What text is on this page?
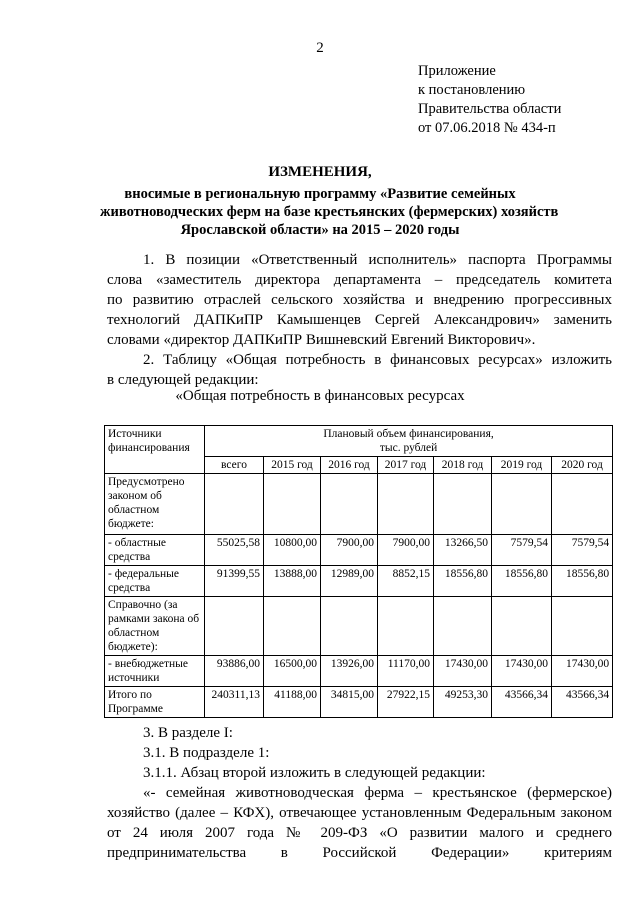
2
Приложение
к постановлению
Правительства области
от 07.06.2018 № 434-п
ИЗМЕНЕНИЯ,
вносимые в региональную программу «Развитие семейных
животноводческих ферм на базе крестьянских (фермерских) хозяйств
Ярославской области» на 2015 – 2020 годы
1. В позиции «Ответственный исполнитель» паспорта Программы
слова «заместитель директора департамента – председатель комитета
по развитию отраслей сельского хозяйства и внедрению прогрессивных
технологий ДАПКиПР Камышенцев Сергей Александрович» заменить
словами «директор ДАПКиПР Вишневский Евгений Викторович».
2. Таблицу «Общая потребность в финансовых ресурсах» изложить
в следующей редакции:
«Общая потребность в финансовых ресурсах
Источники финансирования	Плановый объем финансирования,
тыс. рублей						

	всего	2015 год	2016 год	2017 год	2018 год	2019 год	2020 год
Предусмотрено законом об областном бюджете:							
- областные средства	55025,58	10800,00	7900,00	7900,00	13266,50	7579,54	7579,54
- федеральные средства	91399,55	13888,00	12989,00	8852,15	18556,80	18556,80	18556,80
Справочно (за рамками закона об областном бюджете):							
- внебюджетные источники	93886,00	16500,00	13926,00	11170,00	17430,00	17430,00	17430,00
Итого по Программе	240311,13	41188,00	34815,00	27922,15	49253,30	43566,34	43566,34

3. В разделе I:

3.1. В подразделе 1:

3.1.1. Абзац второй изложить в следующей редакции:

«- семейная животноводческая ферма – крестьянское (фермерское)
хозяйство (далее – КФХ), отвечающее установленным Федеральным законом
от 24 июля 2007 года № 209-ФЗ «О развитии малого и среднего
предпринимательства в Российской Федерации» критериям
